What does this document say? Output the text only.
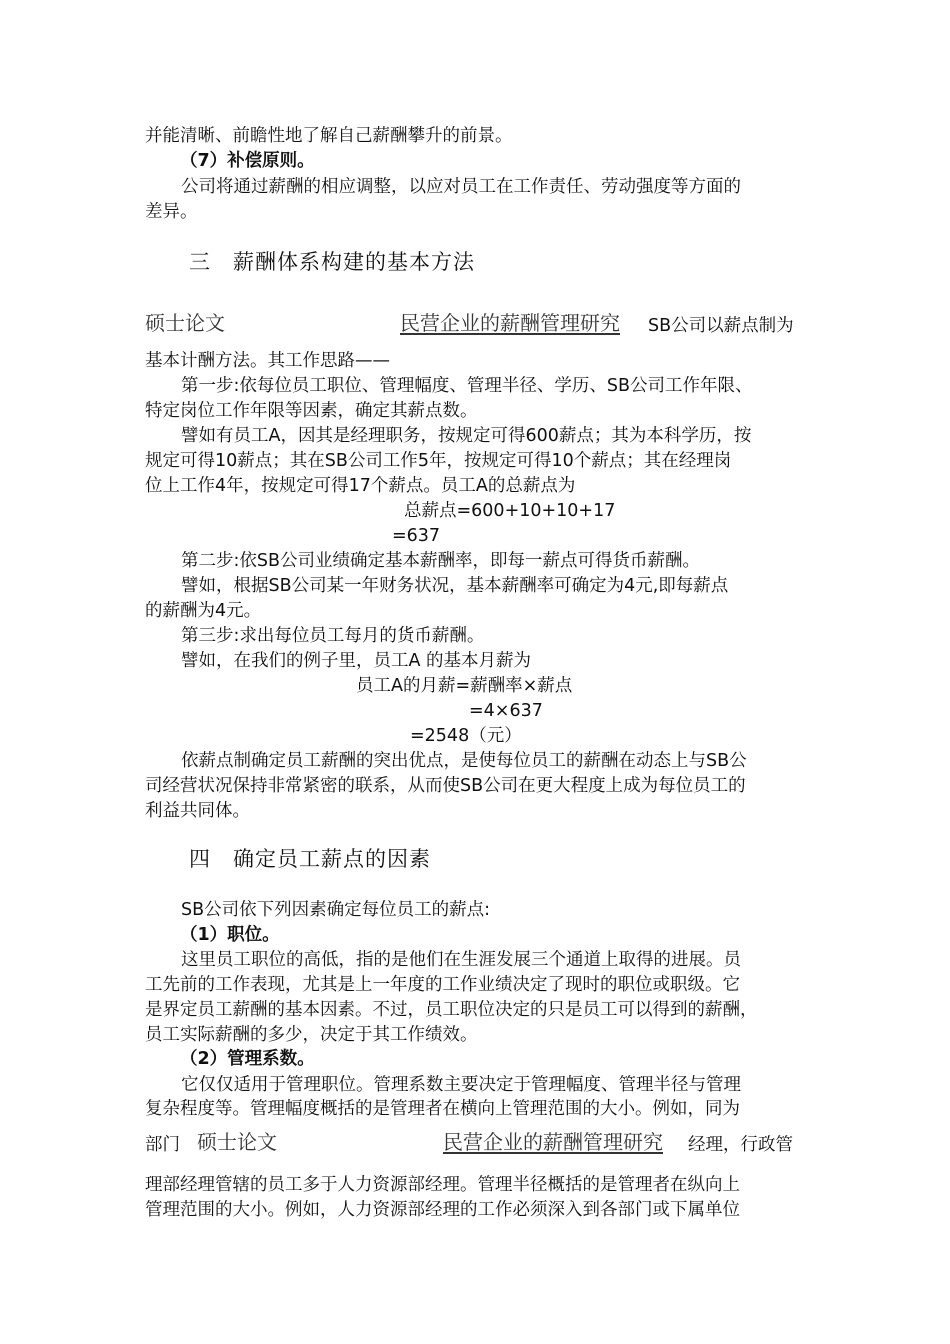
并能清晰、前瞻性地了解自己薪酬攀升的前景。
（7）补偿原则。
公司将通过薪酬的相应调整，以应对员工在工作责任、劳动强度等方面的
差异。
三　薪酬体系构建的基本方法
硕士论文	民营企业的薪酬管理研究 SB公司以薪点制为
基本计酬方法。其工作思路——
第一步:依每位员工职位、管理幅度、管理半径、学历、SB公司工作年限、
特定岗位工作年限等因素，确定其薪点数。
譬如有员工A，因其是经理职务，按规定可得600薪点；其为本科学历，按
规定可得10薪点；其在SB公司工作5年，按规定可得10个薪点；其在经理岗
位上工作4年，按规定可得17个薪点。员工A的总薪点为
总薪点=600+10+10+17
=637
第二步:依SB公司业绩确定基本薪酬率，即每一薪点可得货币薪酬。
譬如，根据SB公司某一年财务状况，基本薪酬率可确定为4元,即每薪点
的薪酬为4元。
第三步:求出每位员工每月的货币薪酬。
譬如，在我们的例子里，员工A 的基本月薪为
员工A的月薪=薪酬率×薪点
=4×637
=2548（元）
依薪点制确定员工薪酬的突出优点，是使每位员工的薪酬在动态上与SB公
司经营状况保持非常紧密的联系，从而使SB公司在更大程度上成为每位员工的
利益共同体。
四　确定员工薪点的因素
SB公司依下列因素确定每位员工的薪点:
（1）职位。
这里员工职位的高低，指的是他们在生涯发展三个通道上取得的进展。员
工先前的工作表现，尤其是上一年度的工作业绩决定了现时的职位或职级。它
是界定员工薪酬的基本因素。不过，员工职位决定的只是员工可以得到的薪酬，
员工实际薪酬的多少，决定于其工作绩效。
（2）管理系数。
它仅仅适用于管理职位。管理系数主要决定于管理幅度、管理半径与管理
复杂程度等。管理幅度概括的是管理者在横向上管理范围的大小。例如，同为
部门 硕士论文	民营企业的薪酬管理研究 经理，行政管
理部经理管辖的员工多于人力资源部经理。管理半径概括的是管理者在纵向上
管理范围的大小。例如，人力资源部经理的工作必须深入到各部门或下属单位
